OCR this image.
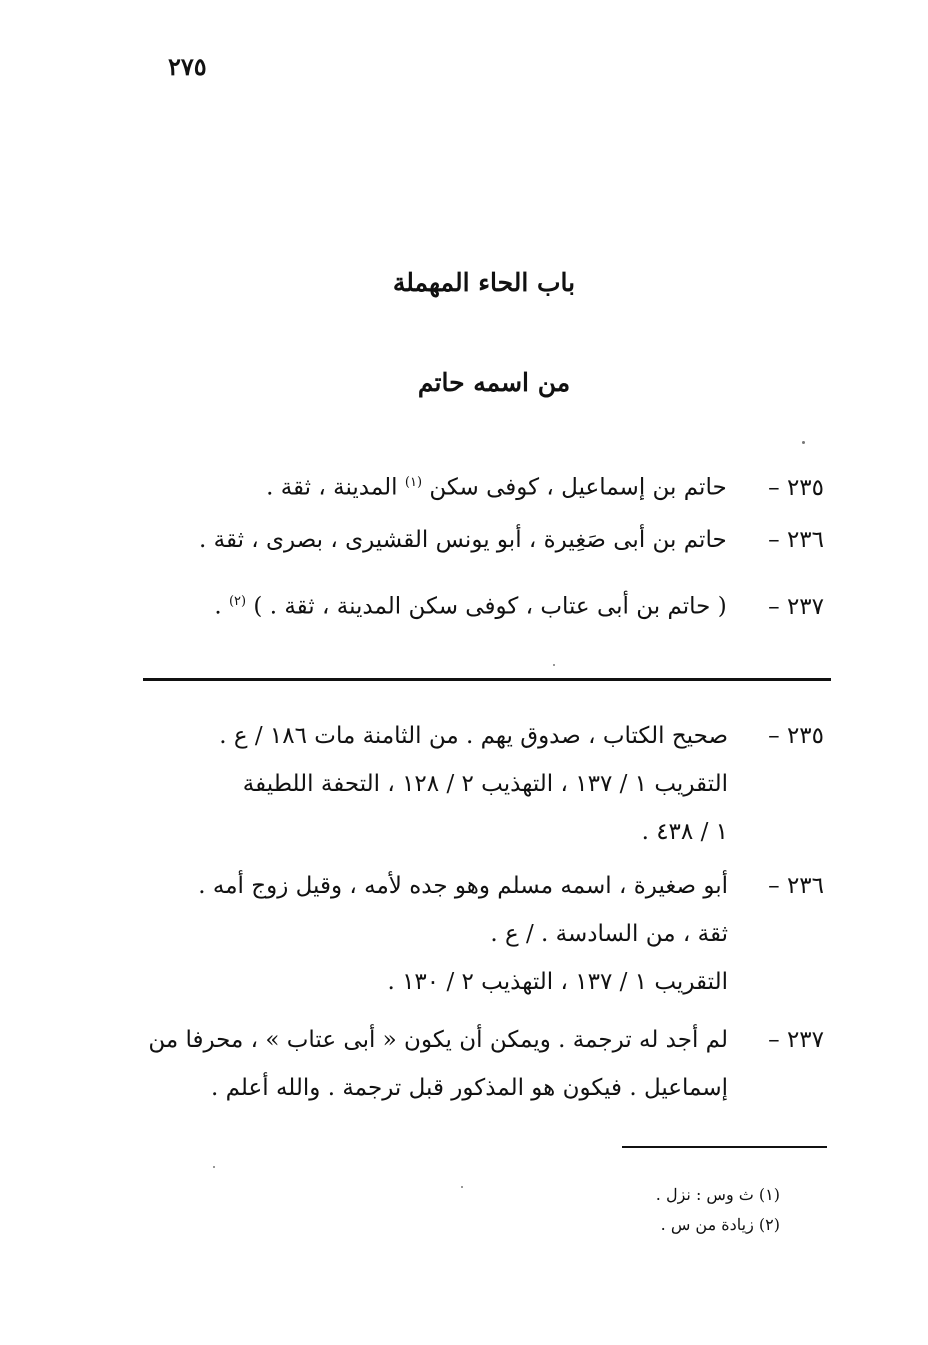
٢٧٥
باب الحاء المهملة
من اسمه حاتم
٢٣٥ – حاتم بن إسماعيل ، كوفى سكن $^{(١)}$ المدينة ، ثقة .
٢٣٦ – حاتم بن أبى صَغِيرة ، أبو يونس القشيرى ، بصرى ، ثقة .
٢٣٧ – ( حاتم بن أبى عتاب ، كوفى سكن المدينة ، ثقة . ) $^{(٢)}$ .
٢٣٥ –
صحيح الكتاب ، صدوق يهم . من الثامنة مات ١٨٦ / ع .
التقريب ١ / ١٣٧ ، التهذيب ٢ / ١٢٨ ، التحفة اللطيفة
١ / ٤٣٨ .
٢٣٦ –
أبو صغيرة ، اسمه مسلم وهو جده لأمه ، وقيل زوج أمه .
ثقة ، من السادسة . / ع .
التقريب ١ / ١٣٧ ، التهذيب ٢ / ١٣٠ .
٢٣٧ –
لم أجد له ترجمة . ويمكن أن يكون « أبى عتاب » ، محرفا من
إسماعيل . فيكون هو المذكور قبل ترجمة . والله أعلم .
(١) ث وس : نزل .
(٢) زيادة من س .
